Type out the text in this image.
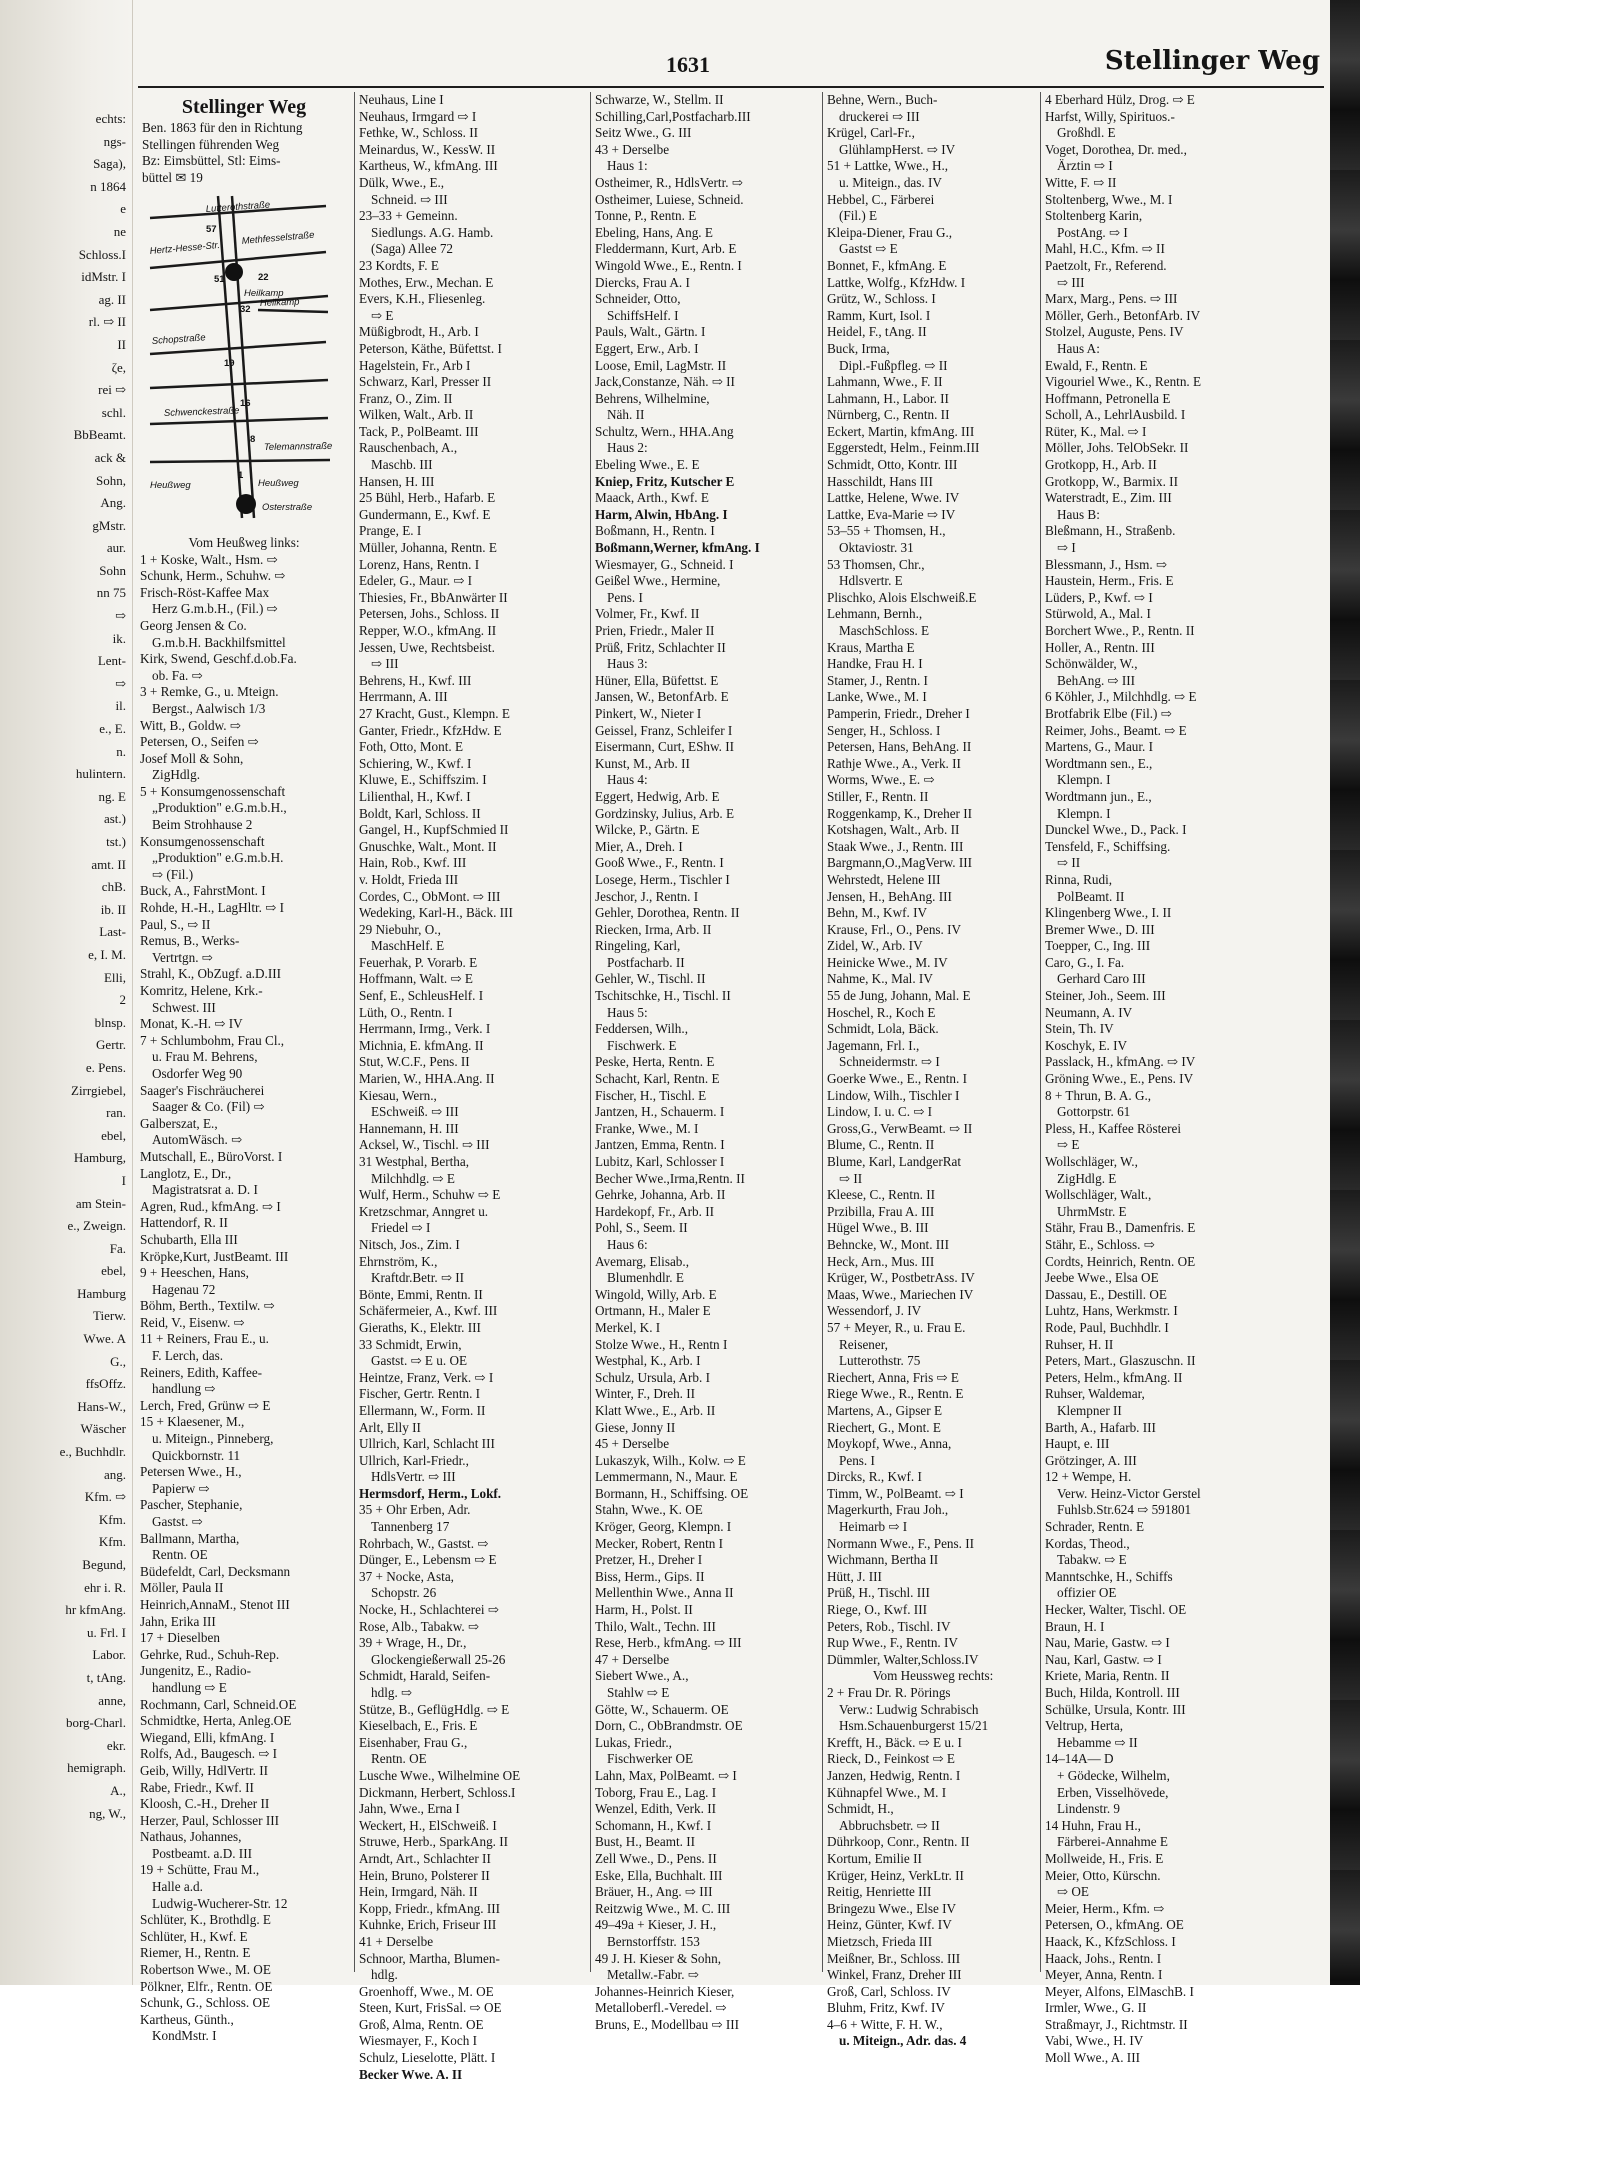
echts:
ngs-
Saga),
n 1864
e
ne
Schloss.I
idMstr. I
ag. II
rl. ⇨ II
II
ζe,
rei ⇨
schl.
BbBeamt.
ack &
Sohn,
Ang.
gMstr.
aur.
Sohn
nn 75
⇨
ik.
Lent-
⇨
il.
e., E.
n.
hulintern.
ng. E
ast.)
tst.)
amt. II
chB.
ib. II
Last-
e, I. M.
Elli,
2
blnsp.
Gertr.
e. Pens.
Zirrgiebel,
ran.
ebel,
Hamburg,
I
am Stein-
e., Zweign.
Fa.
ebel,
Hamburg
Tierw.
Wwe. A
G.,
ffsOffz.
Hans-W.,
Wäscher
e., Buchhdlr.
ang.
Kfm. ⇨
Kfm.
Kfm.
Begund,
ehr i. R.
hr kfmAng.
u. Frl. I
Labor.
t, tAng.
anne,
borg-Charl.
ekr.
hemigraph.
A.,
ng, W.,
1631	Stellinger Weg
Stellinger Weg
Ben. 1863 für den in Richtung
Stellingen führenden Weg
Bz: Eimsbüttel, Stl: Eims-
büttel ✉ 19
Lutterothstraße
Hertz-Hesse-Str.
Methfesselstraße
Heilkamp
Schopstraße
Heilkamp
Schwenckestraße
Telemannstraße
Heußweg	Heußweg
Osterstraße
57
51	22
32
19
16
8
1
Vom Heußweg links:
1 + Koske, Walt., Hsm. ⇨
Schunk, Herm., Schuhw. ⇨
Frisch-Röst-Kaffee Max
Herz G.m.b.H., (Fil.) ⇨
Georg Jensen & Co.
G.m.b.H. Backhilfsmittel
Kirk, Swend, Geschf.d.ob.Fa.
ob. Fa. ⇨
3 + Remke, G., u. Mteign.
Bergst., Aalwisch 1/3
Witt, B., Goldw. ⇨
Petersen, O., Seifen ⇨
Josef Moll & Sohn,
ZigHdlg.
5 + Konsumgenossenschaft
„Produktion" e.G.m.b.H.,
Beim Strohhause 2
Konsumgenossenschaft
„Produktion" e.G.m.b.H.
⇨ (Fil.)
Buck, A., FahrstMont. I
Rohde, H.-H., LagHltr. ⇨ I
Paul, S., ⇨ II
Remus, B., Werks-
Vertrtgn. ⇨
Strahl, K., ObZugf. a.D.III
Komritz, Helene, Krk.-
Schwest. III
Monat, K.-H. ⇨ IV
7 + Schlumbohm, Frau Cl.,
u. Frau M. Behrens,
Osdorfer Weg 90
Saager's Fischräucherei
Saager & Co. (Fil) ⇨
Galberszat, E.,
AutomWäsch. ⇨
Mutschall, E., BüroVorst. I
Langlotz, E., Dr.,
Magistratsrat a. D. I
Agren, Rud., kfmAng. ⇨ I
Hattendorf, R. II
Schubarth, Ella III
Kröpke,Kurt, JustBeamt. III
9 + Heeschen, Hans,
Hagenau 72
Böhm, Berth., Textilw. ⇨
Reid, V., Eisenw. ⇨
11 + Reiners, Frau E., u.
F. Lerch, das.
Reiners, Edith, Kaffee-
handlung ⇨
Lerch, Fred, Grünw ⇨ E
15 + Klaesener, M.,
u. Miteign., Pinneberg,
Quickbornstr. 11
Petersen Wwe., H.,
Papierw ⇨
Pascher, Stephanie,
Gastst. ⇨
Ballmann, Martha,
Rentn. OE
Büdefeldt, Carl, Decksmann
Möller, Paula II
Heinrich,AnnaM., Stenot III
Jahn, Erika III
17 + Dieselben
Gehrke, Rud., Schuh-Rep.
Jungenitz, E., Radio-
handlung ⇨ E
Rochmann, Carl, Schneid.OE
Schmidtke, Herta, Anleg.OE
Wiegand, Elli, kfmAng. I
Rolfs, Ad., Baugesch. ⇨ I
Geib, Willy, HdlVertr. II
Rabe, Friedr., Kwf. II
Kloosh, C.-H., Dreher II
Herzer, Paul, Schlosser III
Nathaus, Johannes,
Postbeamt. a.D. III
19 + Schütte, Frau M.,
Halle a.d.
Ludwig-Wucherer-Str. 12
Schlüter, K., Brothdlg. E
Schlüter, H., Kwf. E
Riemer, H., Rentn. E
Robertson Wwe., M. OE
Pölkner, Elfr., Rentn. OE
Schunk, G., Schloss. OE
Kartheus, Günth.,
KondMstr. I
Neuhaus, Line I
Neuhaus, Irmgard ⇨ I
Fethke, W., Schloss. II
Meinardus, W., KessW. II
Kartheus, W., kfmAng. III
Dülk, Wwe., E.,
Schneid. ⇨ III
23–33 + Gemeinn.
Siedlungs. A.G. Hamb.
(Saga) Allee 72
23 Kordts, F. E
Mothes, Erw., Mechan. E
Evers, K.H., Fliesenleg.
⇨ E
Müßigbrodt, H., Arb. I
Peterson, Käthe, Büfettst. I
Hagelstein, Fr., Arb I
Schwarz, Karl, Presser II
Franz, O., Zim. II
Wilken, Walt., Arb. II
Tack, P., PolBeamt. III
Rauschenbach, A.,
Maschb. III
Hansen, H. III
25 Bühl, Herb., Hafarb. E
Gundermann, E., Kwf. E
Prange, E. I
Müller, Johanna, Rentn. E
Lorenz, Hans, Rentn. I
Edeler, G., Maur. ⇨ I
Thiesies, Fr., BbAnwärter II
Petersen, Johs., Schloss. II
Repper, W.O., kfmAng. II
Jessen, Uwe, Rechtsbeist.
⇨ III
Behrens, H., Kwf. III
Herrmann, A. III
27 Kracht, Gust., Klempn. E
Ganter, Friedr., KfzHdw. E
Foth, Otto, Mont. E
Schiering, W., Kwf. I
Kluwe, E., Schiffszim. I
Lilienthal, H., Kwf. I
Boldt, Karl, Schloss. II
Gangel, H., KupfSchmied II
Gnuschke, Walt., Mont. II
Hain, Rob., Kwf. III
v. Holdt, Frieda III
Cordes, C., ObMont. ⇨ III
Wedeking, Karl-H., Bäck. III
29 Niebuhr, O.,
MaschHelf. E
Feuerhak, P. Vorarb. E
Hoffmann, Walt. ⇨ E
Senf, E., SchleusHelf. I
Lüth, O., Rentn. I
Herrmann, Irmg., Verk. I
Michnia, E. kfmAng. II
Stut, W.C.F., Pens. II
Marien, W., HHA.Ang. II
Kiesau, Wern.,
ESchweiß. ⇨ III
Hannemann, H. III
Acksel, W., Tischl. ⇨ III
31 Westphal, Bertha,
Milchhdlg. ⇨ E
Wulf, Herm., Schuhw ⇨ E
Kretzschmar, Anngret u.
Friedel ⇨ I
Nitsch, Jos., Zim. I
Ehrnström, K.,
Kraftdr.Betr. ⇨ II
Bönte, Emmi, Rentn. II
Schäfermeier, A., Kwf. III
Gieraths, K., Elektr. III
33 Schmidt, Erwin,
Gastst. ⇨ E u. OE
Heintze, Franz, Verk. ⇨ I
Fischer, Gertr. Rentn. I
Ellermann, W., Form. II
Arlt, Elly II
Ullrich, Karl, Schlacht III
Ullrich, Karl-Friedr.,
HdlsVertr. ⇨ III
Hermsdorf, Herm., Lokf.
35 + Ohr Erben, Adr.
Tannenberg 17
Rohrbach, W., Gastst. ⇨
Dünger, E., Lebensm ⇨ E
37 + Nocke, Asta,
Schopstr. 26
Nocke, H., Schlachterei ⇨
Rose, Alb., Tabakw. ⇨
39 + Wrage, H., Dr.,
Glockengießerwall 25-26
Schmidt, Harald, Seifen-
hdlg. ⇨
Stütze, B., GeflügHdlg. ⇨ E
Kieselbach, E., Fris. E
Eisenhaber, Frau G.,
Rentn. OE
Lusche Wwe., Wilhelmine OE
Dickmann, Herbert, Schloss.I
Jahn, Wwe., Erna I
Weckert, H., ElSchweiß. I
Struwe, Herb., SparkAng. II
Arndt, Art., Schlachter II
Hein, Bruno, Polsterer II
Hein, Irmgard, Näh. II
Kopp, Friedr., kfmAng. III
Kuhnke, Erich, Friseur III
41 + Derselbe
Schnoor, Martha, Blumen-
hdlg.
Groenhoff, Wwe., M. OE
Steen, Kurt, FrisSal. ⇨ OE
Groß, Alma, Rentn. OE
Wiesmayer, F., Koch I
Schulz, Lieselotte, Plätt. I
Becker Wwe. A. II
Schwarze, W., Stellm. II
Schilling,Carl,Postfacharb.III
Seitz Wwe., G. III
43 + Derselbe
Haus 1:
Ostheimer, R., HdlsVertr. ⇨
Ostheimer, Luiese, Schneid.
Tonne, P., Rentn. E
Ebeling, Hans, Ang. E
Fleddermann, Kurt, Arb. E
Wingold Wwe., E., Rentn. I
Diercks, Frau A. I
Schneider, Otto,
SchiffsHelf. I
Pauls, Walt., Gärtn. I
Eggert, Erw., Arb. I
Loose, Emil, LagMstr. II
Jack,Constanze, Näh. ⇨ II
Behrens, Wilhelmine,
Näh. II
Schultz, Wern., HHA.Ang
Haus 2:
Ebeling Wwe., E. E
Kniep, Fritz, Kutscher E
Maack, Arth., Kwf. E
Harm, Alwin, HbAng. I
Boßmann, H., Rentn. I
Boßmann,Werner, kfmAng. I
Wiesmayer, G., Schneid. I
Geißel Wwe., Hermine,
Pens. I
Volmer, Fr., Kwf. II
Prien, Friedr., Maler II
Prüß, Fritz, Schlachter II
Haus 3:
Hüner, Ella, Büfettst. E
Jansen, W., BetonfArb. E
Pinkert, W., Nieter I
Geissel, Franz, Schleifer I
Eisermann, Curt, EShw. II
Kunst, M., Arb. II
Haus 4:
Eggert, Hedwig, Arb. E
Gordzinsky, Julius, Arb. E
Wilcke, P., Gärtn. E
Mier, A., Dreh. I
Gooß Wwe., F., Rentn. I
Losege, Herm., Tischler I
Jeschor, J., Rentn. I
Gehler, Dorothea, Rentn. II
Riecken, Irma, Arb. II
Ringeling, Karl,
Postfacharb. II
Gehler, W., Tischl. II
Tschitschke, H., Tischl. II
Haus 5:
Feddersen, Wilh.,
Fischwerk. E
Peske, Herta, Rentn. E
Schacht, Karl, Rentn. E
Fischer, H., Tischl. E
Jantzen, H., Schauerm. I
Franke, Wwe., M. I
Jantzen, Emma, Rentn. I
Lubitz, Karl, Schlosser I
Becher Wwe.,Irma,Rentn. II
Gehrke, Johanna, Arb. II
Hardekopf, Fr., Arb. II
Pohl, S., Seem. II
Haus 6:
Avemarg, Elisab.,
Blumenhdlr. E
Wingold, Willy, Arb. E
Ortmann, H., Maler E
Merkel, K. I
Stolze Wwe., H., Rentn I
Westphal, K., Arb. I
Schulz, Ursula, Arb. I
Winter, F., Dreh. II
Klatt Wwe., E., Arb. II
Giese, Jonny II
45 + Derselbe
Lukaszyk, Wilh., Kolw. ⇨ E
Lemmermann, N., Maur. E
Bormann, H., Schiffsing. OE
Stahn, Wwe., K. OE
Kröger, Georg, Klempn. I
Mecker, Robert, Rentn I
Pretzer, H., Dreher I
Biss, Herm., Gips. II
Mellenthin Wwe., Anna II
Harm, H., Polst. II
Thilo, Walt., Techn. III
Rese, Herb., kfmAng. ⇨ III
47 + Derselbe
Siebert Wwe., A.,
Stahlw ⇨ E
Götte, W., Schauerm. OE
Dorn, C., ObBrandmstr. OE
Lukas, Friedr.,
Fischwerker OE
Lahn, Max, PolBeamt. ⇨ I
Toborg, Frau E., Lag. I
Wenzel, Edith, Verk. II
Schomann, H., Kwf. I
Bust, H., Beamt. II
Zell Wwe., D., Pens. II
Eske, Ella, Buchhalt. III
Bräuer, H., Ang. ⇨ III
Reitzwig Wwe., M. C. III
49–49a + Kieser, J. H.,
Bernstorffstr. 153
49 J. H. Kieser & Sohn,
Metallw.-Fabr. ⇨
Johannes-Heinrich Kieser,
Metalloberfl.-Veredel. ⇨
Bruns, E., Modellbau ⇨ III
Behne, Wern., Buch-
druckerei ⇨ III
Krügel, Carl-Fr.,
GlühlampHerst. ⇨ IV
51 + Lattke, Wwe., H.,
u. Miteign., das. IV
Hebbel, C., Färberei
(Fil.) E
Kleipa-Diener, Frau G.,
Gastst ⇨ E
Bonnet, F., kfmAng. E
Lattke, Wolfg., KfzHdw. I
Grütz, W., Schloss. I
Ramm, Kurt, Isol. I
Heidel, F., tAng. II
Buck, Irma,
Dipl.-Fußpfleg. ⇨ II
Lahmann, Wwe., F. II
Lahmann, H., Labor. II
Nürnberg, C., Rentn. II
Eckert, Martin, kfmAng. III
Eggerstedt, Helm., Feinm.III
Schmidt, Otto, Kontr. III
Hasschildt, Hans III
Lattke, Helene, Wwe. IV
Lattke, Eva-Marie ⇨ IV
53–55 + Thomsen, H.,
Oktaviostr. 31
53 Thomsen, Chr.,
Hdlsvertr. E
Plischko, Alois Elschweiß.E
Lehmann, Bernh.,
MaschSchloss. E
Kraus, Martha E
Handke, Frau H. I
Stamer, J., Rentn. I
Lanke, Wwe., M. I
Pamperin, Friedr., Dreher I
Senger, H., Schloss. I
Petersen, Hans, BehAng. II
Rathje Wwe., A., Verk. II
Worms, Wwe., E. ⇨
Stiller, F., Rentn. II
Roggenkamp, K., Dreher II
Kotshagen, Walt., Arb. II
Staak Wwe., J., Rentn. III
Bargmann,O.,MagVerw. III
Wehrstedt, Helene III
Jensen, H., BehAng. III
Behn, M., Kwf. IV
Krause, Frl., O., Pens. IV
Zidel, W., Arb. IV
Heinicke Wwe., M. IV
Nahme, K., Mal. IV
55 de Jung, Johann, Mal. E
Hoschel, R., Koch E
Schmidt, Lola, Bäck.
Jagemann, Frl. I.,
Schneidermstr. ⇨ I
Goerke Wwe., E., Rentn. I
Lindow, Wilh., Tischler I
Lindow, I. u. C. ⇨ I
Gross,G., VerwBeamt. ⇨ II
Blume, C., Rentn. II
Blume, Karl, LandgerRat
⇨ II
Kleese, C., Rentn. II
Przibilla, Frau A. III
Hügel Wwe., B. III
Behncke, W., Mont. III
Heck, Arn., Mus. III
Krüger, W., PostbetrAss. IV
Maas, Wwe., Mariechen IV
Wessendorf, J. IV
57 + Meyer, R., u. Frau E.
Reisener,
Lutterothstr. 75
Riechert, Anna, Fris ⇨ E
Riege Wwe., R., Rentn. E
Martens, A., Gipser E
Riechert, G., Mont. E
Moykopf, Wwe., Anna,
Pens. I
Dircks, R., Kwf. I
Timm, W., PolBeamt. ⇨ I
Magerkurth, Frau Joh.,
Heimarb ⇨ I
Normann Wwe., F., Pens. II
Wichmann, Bertha II
Hütt, J. III
Prüß, H., Tischl. III
Riege, O., Kwf. III
Peters, Rob., Tischl. IV
Rup Wwe., F., Rentn. IV
Dümmler, Walter,Schloss.IV
Vom Heussweg rechts:
2 + Frau Dr. R. Pörings
Verw.: Ludwig Schrabisch
Hsm.Schauenburgerst 15/21
Krefft, H., Bäck. ⇨ E u. I
Rieck, D., Feinkost ⇨ E
Janzen, Hedwig, Rentn. I
Kühnapfel Wwe., M. I
Schmidt, H.,
Abbruchsbetr. ⇨ II
Dührkoop, Conr., Rentn. II
Kortum, Emilie II
Krüger, Heinz, VerkLtr. II
Reitig, Henriette III
Bringezu Wwe., Else IV
Heinz, Günter, Kwf. IV
Mietzsch, Frieda III
Meißner, Br., Schloss. III
Winkel, Franz, Dreher III
Groß, Carl, Schloss. IV
Bluhm, Fritz, Kwf. IV
4–6 + Witte, F. H. W.,
u. Miteign., Adr. das. 4
4 Eberhard Hülz, Drog. ⇨ E
Harfst, Willy, Spirituos.-
Großhdl. E
Voget, Dorothea, Dr. med.,
Ärztin ⇨ I
Witte, F. ⇨ II
Stoltenberg, Wwe., M. I
Stoltenberg Karin,
PostAng. ⇨ I
Mahl, H.C., Kfm. ⇨ II
Paetzolt, Fr., Referend.
⇨ III
Marx, Marg., Pens. ⇨ III
Möller, Gerh., BetonfArb. IV
Stolzel, Auguste, Pens. IV
Haus A:
Ewald, F., Rentn. E
Vigouriel Wwe., K., Rentn. E
Hoffmann, Petronella E
Scholl, A., LehrlAusbild. I
Rüter, K., Mal. ⇨ I
Möller, Johs. TelObSekr. II
Grotkopp, H., Arb. II
Grotkopp, W., Barmix. II
Waterstradt, E., Zim. III
Haus B:
Bleßmann, H., Straßenb.
⇨ I
Blessmann, J., Hsm. ⇨
Haustein, Herm., Fris. E
Lüders, P., Kwf. ⇨ I
Stürwold, A., Mal. I
Borchert Wwe., P., Rentn. II
Holler, A., Rentn. III
Schönwälder, W.,
BehAng. ⇨ III
6 Köhler, J., Milchhdlg. ⇨ E
Brotfabrik Elbe (Fil.) ⇨
Reimer, Johs., Beamt. ⇨ E
Martens, G., Maur. I
Wordtmann sen., E.,
Klempn. I
Wordtmann jun., E.,
Klempn. I
Dunckel Wwe., D., Pack. I
Tensfeld, F., Schiffsing.
⇨ II
Rinna, Rudi,
PolBeamt. II
Klingenberg Wwe., I. II
Bremer Wwe., D. III
Toepper, C., Ing. III
Caro, G., I. Fa.
Gerhard Caro III
Steiner, Joh., Seem. III
Neumann, A. IV
Stein, Th. IV
Koschyk, E. IV
Passlack, H., kfmAng. ⇨ IV
Gröning Wwe., E., Pens. IV
8 + Thrun, B. A. G.,
Gottorpstr. 61
Pless, H., Kaffee Rösterei
⇨ E
Wollschläger, W.,
ZigHdlg. E
Wollschläger, Walt.,
UhrmMstr. E
Stähr, Frau B., Damenfris. E
Stähr, E., Schloss. ⇨
Cordts, Heinrich, Rentn. OE
Jeebe Wwe., Elsa OE
Dassau, E., Destill. OE
Luhtz, Hans, Werkmstr. I
Rode, Paul, Buchhdlr. I
Ruhser, H. II
Peters, Mart., Glaszuschn. II
Peters, Helm., kfmAng. II
Ruhser, Waldemar,
Klempner II
Barth, A., Hafarb. III
Haupt, e. III
Grötzinger, A. III
12 + Wempe, H.
Verw. Heinz-Victor Gerstel
Fuhlsb.Str.624 ⇨ 591801
Schrader, Rentn. E
Kordas, Theod.,
Tabakw. ⇨ E
Manntschke, H., Schiffs
offizier OE
Hecker, Walter, Tischl. OE
Braun, H. I
Nau, Marie, Gastw. ⇨ I
Nau, Karl, Gastw. ⇨ I
Kriete, Maria, Rentn. II
Buch, Hilda, Kontroll. III
Schülke, Ursula, Kontr. III
Veltrup, Herta,
Hebamme ⇨ II
14–14A— D
+ Gödecke, Wilhelm,
Erben, Visselhövede,
Lindenstr. 9
14 Huhn, Frau H.,
Färberei-Annahme E
Mollweide, H., Fris. E
Meier, Otto, Kürschn.
⇨ OE
Meier, Herm., Kfm. ⇨
Petersen, O., kfmAng. OE
Haack, K., KfzSchloss. I
Haack, Johs., Rentn. I
Meyer, Anna, Rentn. I
Meyer, Alfons, ElMaschB. I
Irmler, Wwe., G. II
Straßmayr, J., Richtmstr. II
Vabi, Wwe., H. IV
Moll Wwe., A. III
